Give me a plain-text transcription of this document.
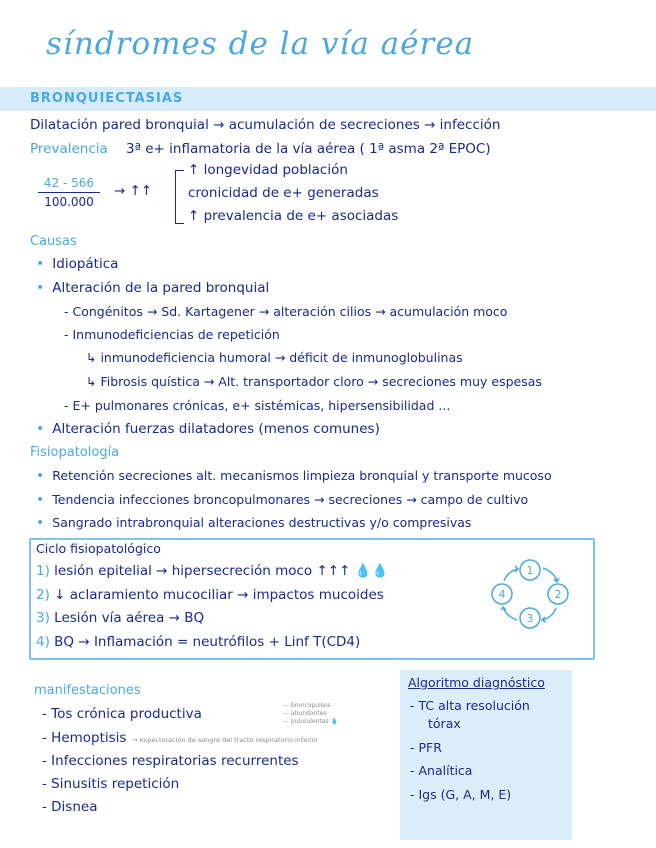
síndromes de la vía aérea
BRONQUIECTASIAS
Dilatación pared bronquial → acumulación de secreciones → infección
Prevalencia 3ª e+ inflamatoria de la vía aérea ( 1ª asma 2ª EPOC)
$\frac{42 - 566}{100.000}$ → ↑↑
↑ longevidad población
cronicidad de e+ generadas
↑ prevalencia de e+ asociadas
Causas
• Idiopática
• Alteración de la pared bronquial
- Congénitos → Sd. Kartagener → alteración cilios → acumulación moco
- Inmunodeficiencias de repetición
↳ inmunodeficiencia humoral → déficit de inmunoglobulinas
↳ Fibrosis quística → Alt. transportador cloro → secreciones muy espesas
- E+ pulmonares crónicas, e+ sistémicas, hipersensibilidad ...
• Alteración fuerzas dilatadores (menos comunes)
Fisiopatología
• Retención secreciones alt. mecanismos limpieza bronquial y transporte mucoso
• Tendencia infecciones broncopulmonares → secreciones → campo de cultivo
• Sangrado intrabronquial alteraciones destructivas y/o compresivas
Ciclo fisiopatológico
1) lesión epitelial → hipersecreción moco ↑↑↑ 💧💧
2) ↓ aclaramiento mucociliar → impactos mucoides
3) Lesión vía aérea → BQ
4) BQ → Inflamación = neutrófilos + Linf T(CD4)
1
2
3
4
manifestaciones
- Tos crónica productiva
- Hemoptisis
- Infecciones respiratorias recurrentes
- Sinusitis repetición
- Disnea
→ expectoración de sangre del tracto respiratorio inferior
— broncopulsos
— abundantes
— pulurulentas 💧
Algoritmo diagnóstico
- TC alta resolución
tórax
- PFR
- Analítica
- Igs (G, A, M, E)
